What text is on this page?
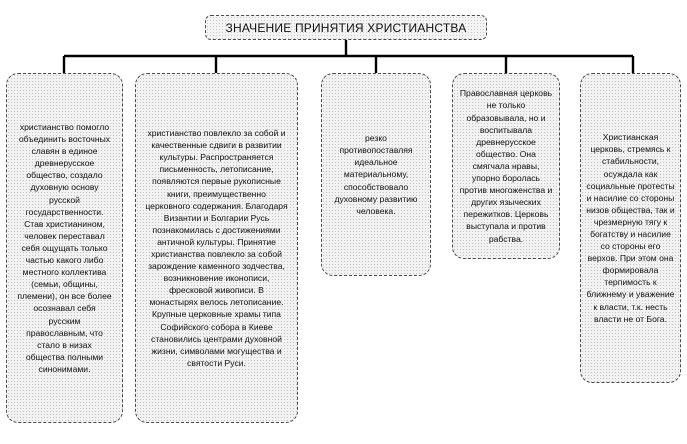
ЗНАЧЕНИЕ ПРИНЯТИЯ ХРИСТИАНСТВА
христианство помогло объединить восточных славян в единое древнерусское общество, создало духовную основу русской государственности. Став христианином, человек переставал себя ощущать только частью какого либо местного коллектива (семьи, общины, племени), он все более осознавал себя русским православным, что стало в низах общества полными синонимами.
христианство повлекло за собой и качественные сдвиги в развитии культуры. Распространяется письменность, летописание, появляются первые рукописные книги, преимущественно церковного содержания. Благодаря Византии и Болгарии Русь познакомилась с достижениями античной культуры. Принятие христианства повлекло за собой зарождение каменного зодчества, возникновение иконописи, фресковой живописи. В монастырях велось летописание. Крупные церковные храмы типа Софийского собора в Киеве становились центрами духовной жизни, символами могущества и святости Руси.
резко противопоставляя идеальное материальному, способствовало духовному развитию человека.
Православная церковь не только образовывала, но и воспитывала древнерусское общество. Она смягчала нравы, упорно боролась против многоженства и других языческих пережитков. Церковь выступала и против рабства.
Христианская церковь, стремясь к стабильности, осуждала как социальные протесты и насилие со стороны низов общества, так и чрезмерную тягу к богатству и насилие со стороны его верхов. При этом она формировала терпимость к ближнему и уважение к власти, т.к. несть власти не от Бога.
